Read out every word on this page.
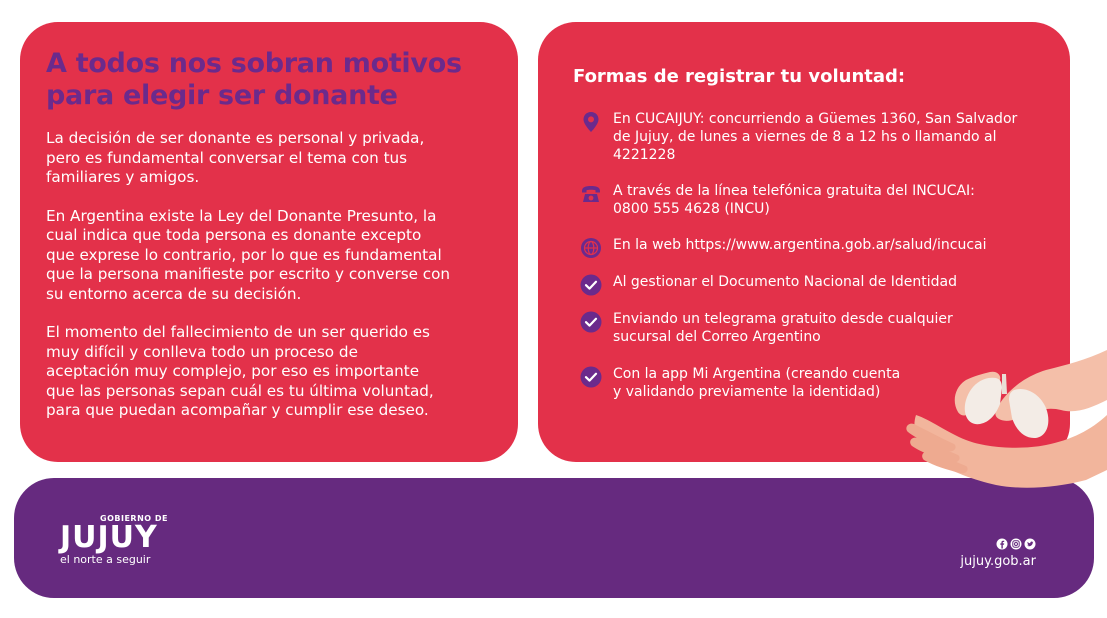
A todos nos sobran motivos
para elegir ser donante
La decisión de ser donante es personal y privada,
pero es fundamental conversar el tema con tus
familiares y amigos.
En Argentina existe la Ley del Donante Presunto, la
cual indica que toda persona es donante excepto
que exprese lo contrario, por lo que es fundamental
que la persona manifieste por escrito y converse con
su entorno acerca de su decisión.
El momento del fallecimiento de un ser querido es
muy difícil y conlleva todo un proceso de
aceptación muy complejo, por eso es importante
que las personas sepan cuál es tu última voluntad,
para que puedan acompañar y cumplir ese deseo.
Formas de registrar tu voluntad:
En CUCAIJUY: concurriendo a Güemes 1360, San Salvador
de Jujuy, de lunes a viernes de 8 a 12 hs o llamando al
4221228
A través de la línea telefónica gratuita del INCUCAI:
0800 555 4628 (INCU)
En la web https://www.argentina.gob.ar/salud/incucai
Al gestionar el Documento Nacional de Identidad
Enviando un telegrama gratuito desde cualquier
sucursal del Correo Argentino
Con la app Mi Argentina (creando cuenta
y validando previamente la identidad)
GOBIERNO DE
JUJUY
el norte a seguir	jujuy.gob.ar
